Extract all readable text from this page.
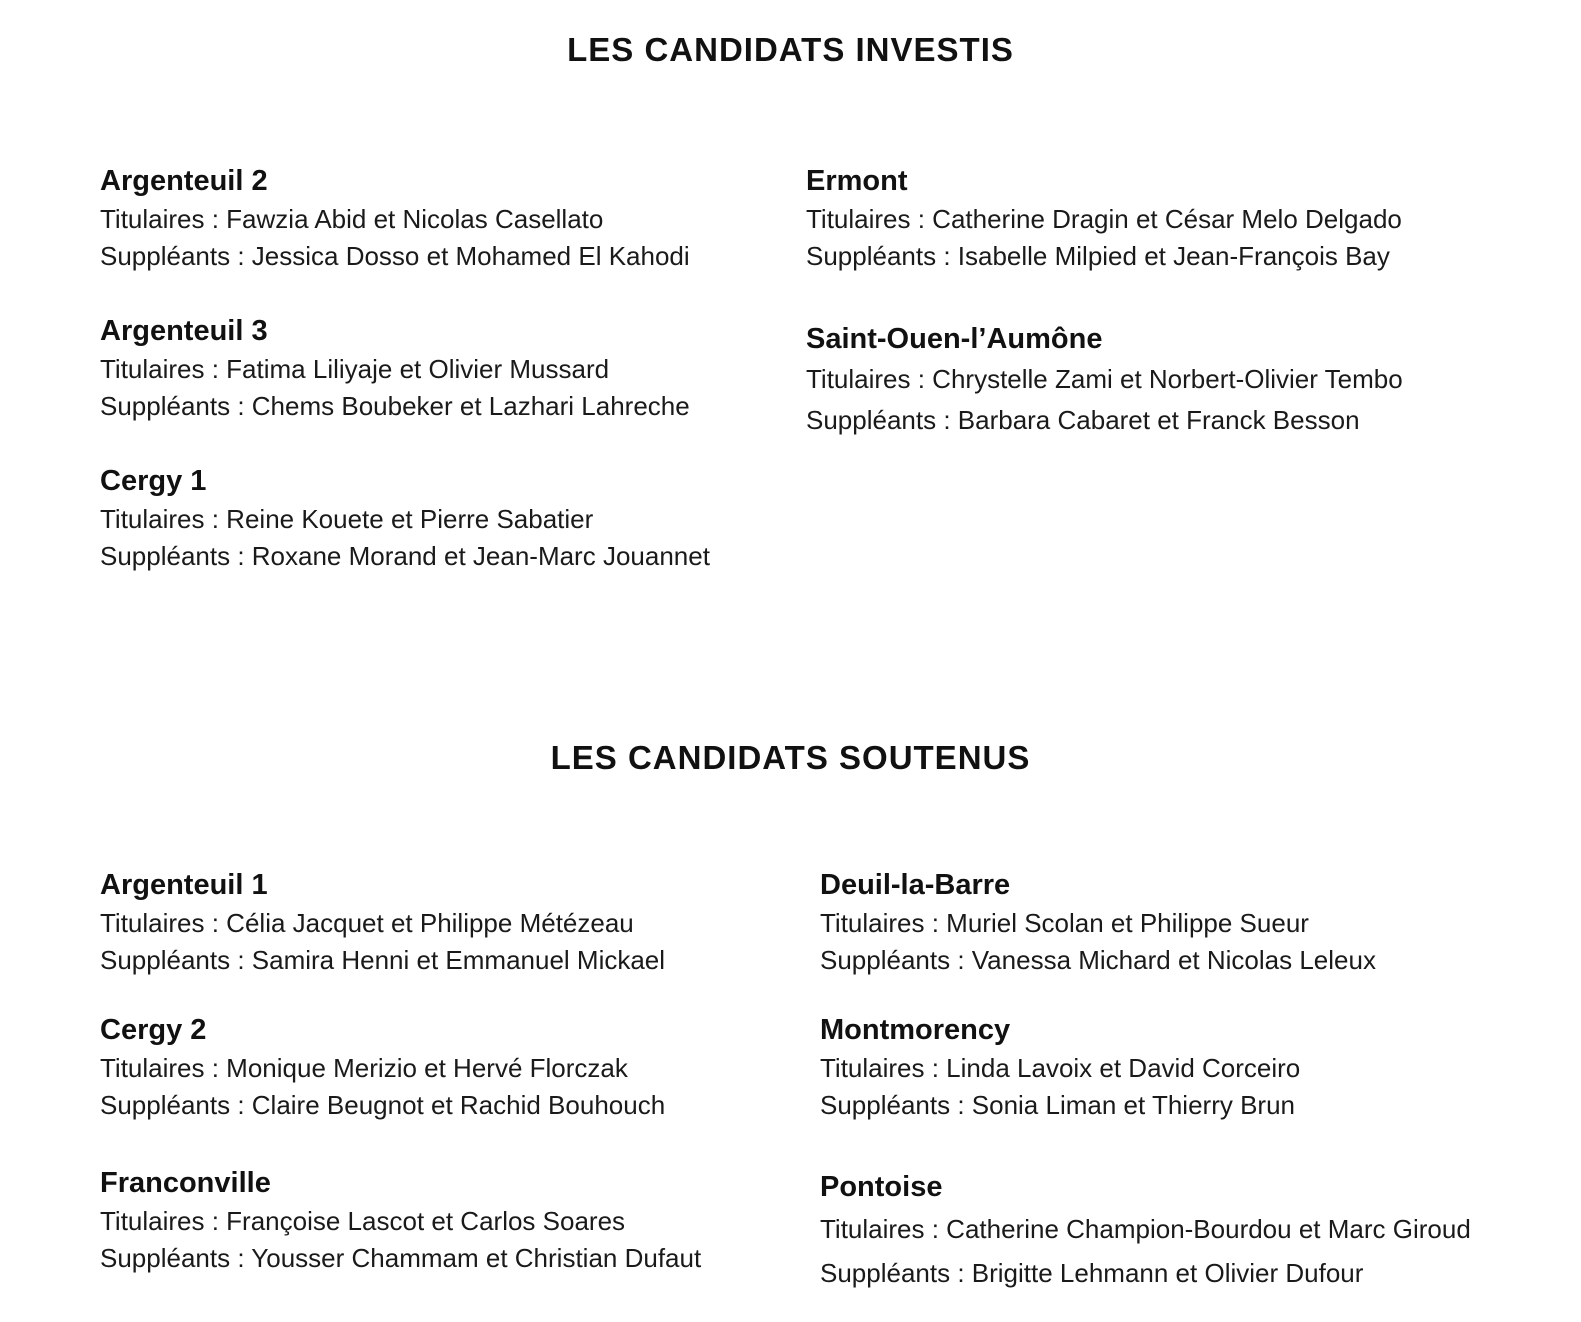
LES CANDIDATS INVESTIS
Argenteuil 2
Titulaires : Fawzia Abid et Nicolas Casellato
Suppléants : Jessica Dosso et Mohamed El Kahodi
Argenteuil 3
Titulaires : Fatima Liliyaje et Olivier Mussard
Suppléants : Chems Boubeker et Lazhari Lahreche
Cergy 1
Titulaires : Reine Kouete et Pierre Sabatier
Suppléants : Roxane Morand et Jean-Marc Jouannet
Ermont
Titulaires : Catherine Dragin et César Melo Delgado
Suppléants : Isabelle Milpied et Jean-François Bay
Saint-Ouen-l’Aumône
Titulaires : Chrystelle Zami et Norbert-Olivier Tembo
Suppléants : Barbara Cabaret et Franck Besson
LES CANDIDATS SOUTENUS
Argenteuil 1
Titulaires : Célia Jacquet et Philippe Métézeau
Suppléants : Samira Henni et Emmanuel Mickael
Cergy 2
Titulaires : Monique Merizio et Hervé Florczak
Suppléants : Claire Beugnot et Rachid Bouhouch
Franconville
Titulaires : Françoise Lascot et Carlos Soares
Suppléants : Yousser Chammam et Christian Dufaut
Deuil-la-Barre
Titulaires : Muriel Scolan et Philippe Sueur
Suppléants : Vanessa Michard et Nicolas Leleux
Montmorency
Titulaires : Linda Lavoix et David Corceiro
Suppléants : Sonia Liman et Thierry Brun
Pontoise
Titulaires : Catherine Champion-Bourdou et Marc Giroud
Suppléants : Brigitte Lehmann et Olivier Dufour
